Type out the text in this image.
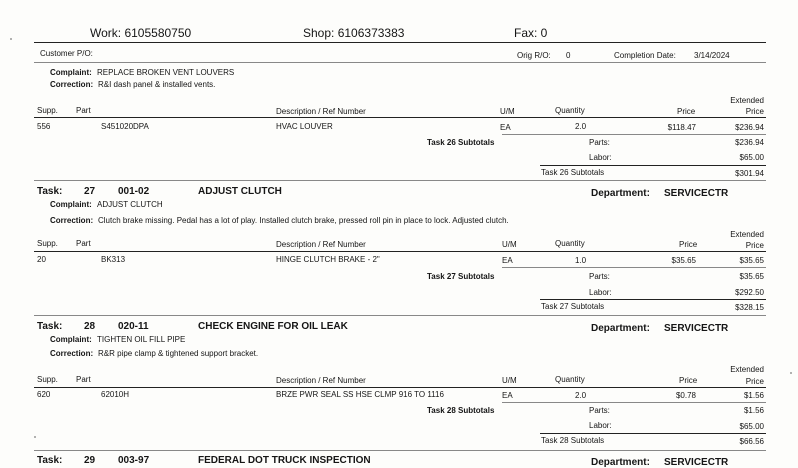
Work: 6105580750	Shop: 6106373383	Fax: 0
Customer P/O:	Orig R/O: 0	Completion Date: 3/14/2024
Complaint: REPLACE BROKEN VENT LOUVERS
Correction: R&I dash panel & installed vents.
Supp. Part	Description / Ref Number	U/M	Quantity	Price
Extended
Price
556	S451020DPA	HVAC LOUVER	EA	2.0	$118.47	$236.94
Task 26 Subtotals	Parts:	$236.94
Labor:	$65.00
Task 26 Subtotals	$301.94
Task: 27 001-02	ADJUST CLUTCH	Department: SERVICECTR
Complaint: ADJUST CLUTCH
Correction: Clutch brake missing. Pedal has a lot of play. Installed clutch brake, pressed roll pin in place to lock. Adjusted clutch.
Supp. Part	Description / Ref Number	U/M	Quantity	Price
Extended
Price
20	BK313	HINGE CLUTCH BRAKE - 2"	EA	1.0	$35.65	$35.65
Task 27 Subtotals	Parts:	$35.65
Labor:	$292.50
Task 27 Subtotals	$328.15
Task: 28 020-11	CHECK ENGINE FOR OIL LEAK	Department: SERVICECTR
Complaint: TIGHTEN OIL FILL PIPE
Correction: R&R pipe clamp & tightened support bracket.
Supp. Part	Description / Ref Number	U/M	Quantity	Price
Extended
Price
620	62010H	BRZE PWR SEAL SS HSE CLMP 916 TO 1116	EA	2.0	$0.78	$1.56
Task 28 Subtotals	Parts:	$1.56
Labor:	$65.00
Task 28 Subtotals	$66.56
Task: 29 003-97	FEDERAL DOT TRUCK INSPECTION	Department: SERVICECTR
